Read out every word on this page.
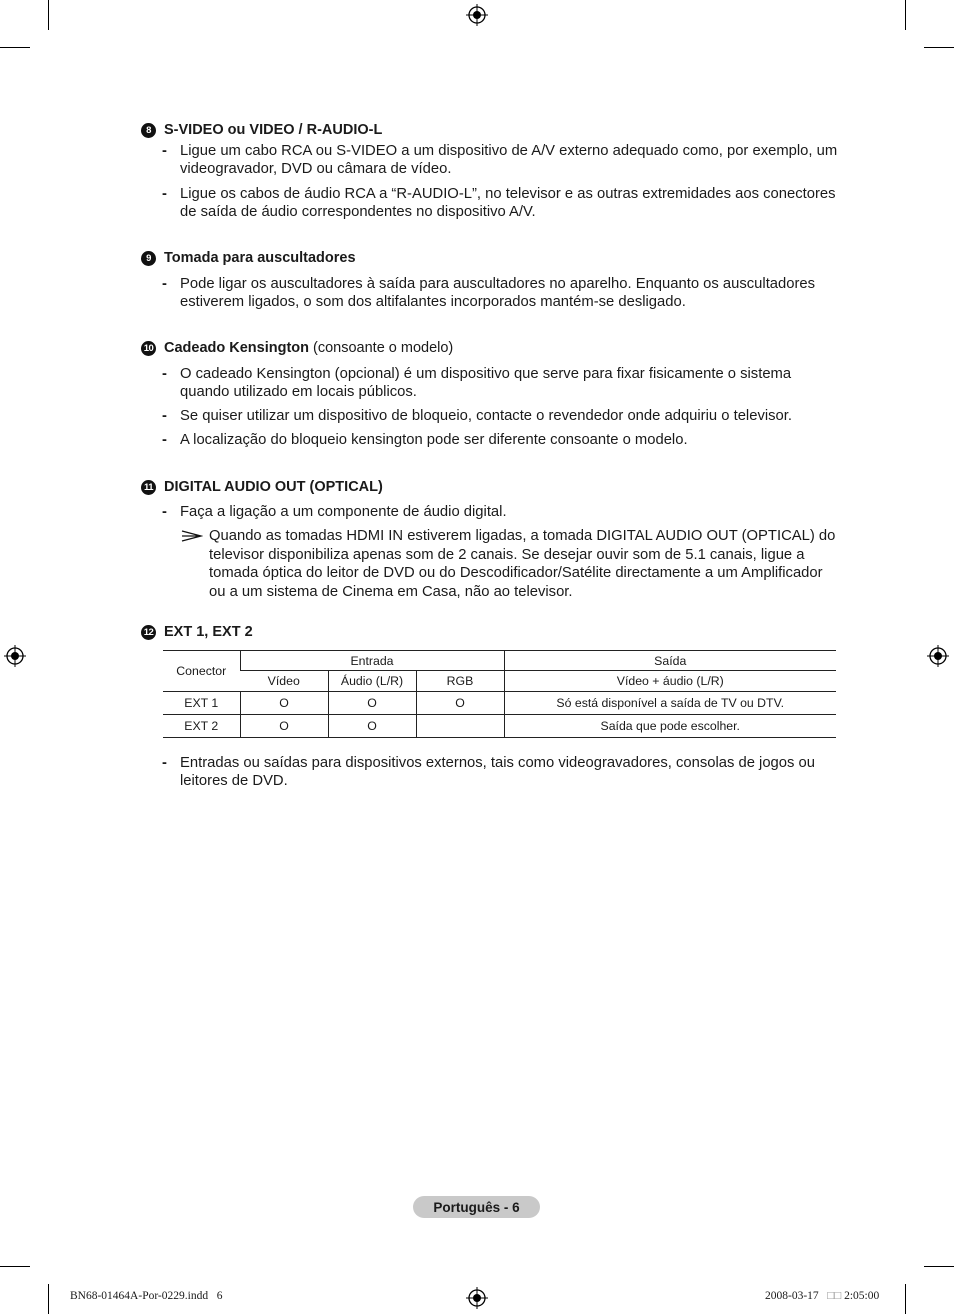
8 S-VIDEO ou VIDEO / R-AUDIO-L
- Ligue um cabo RCA ou S-VIDEO a um dispositivo de A/V externo adequado como, por exemplo, um videogravador, DVD ou câmara de vídeo.
- Ligue os cabos de áudio RCA a “R-AUDIO-L”, no televisor e as outras extremidades aos conectores de saída de áudio correspondentes no dispositivo A/V.
9 Tomada para auscultadores
- Pode ligar os auscultadores à saída para auscultadores no aparelho. Enquanto os auscultadores estiverem ligados, o som dos altifalantes incorporados mantém-se desligado.
10 Cadeado Kensington (consoante o modelo)
- O cadeado Kensington (opcional) é um dispositivo que serve para fixar fisicamente o sistema quando utilizado em locais públicos.
- Se quiser utilizar um dispositivo de bloqueio, contacte o revendedor onde adquiriu o televisor.
- A localização do bloqueio kensington pode ser diferente consoante o modelo.
11 DIGITAL AUDIO OUT (OPTICAL)
- Faça a ligação a um componente de áudio digital.
Quando as tomadas HDMI IN estiverem ligadas, a tomada DIGITAL AUDIO OUT (OPTICAL) do televisor disponibiliza apenas som de 2 canais. Se desejar ouvir som de 5.1 canais, ligue a tomada óptica do leitor de DVD ou do Descodificador/Satélite directamente a um Amplificador ou a um sistema de Cinema em Casa, não ao televisor.
12 EXT 1, EXT 2
Conector	Entrada			Saída
	Vídeo	Áudio (L/R)	RGB	Vídeo + áudio (L/R)
EXT 1	O	O	O	Só está disponível a saída de TV ou DTV.
EXT 2	O	O		Saída que pode escolher.
- Entradas ou saídas para dispositivos externos, tais como videogravadores, consolas de jogos ou leitores de DVD.
Português - 6
BN68-01464A-Por-0229.indd 6	2008-03-17 □□ 2:05:00
